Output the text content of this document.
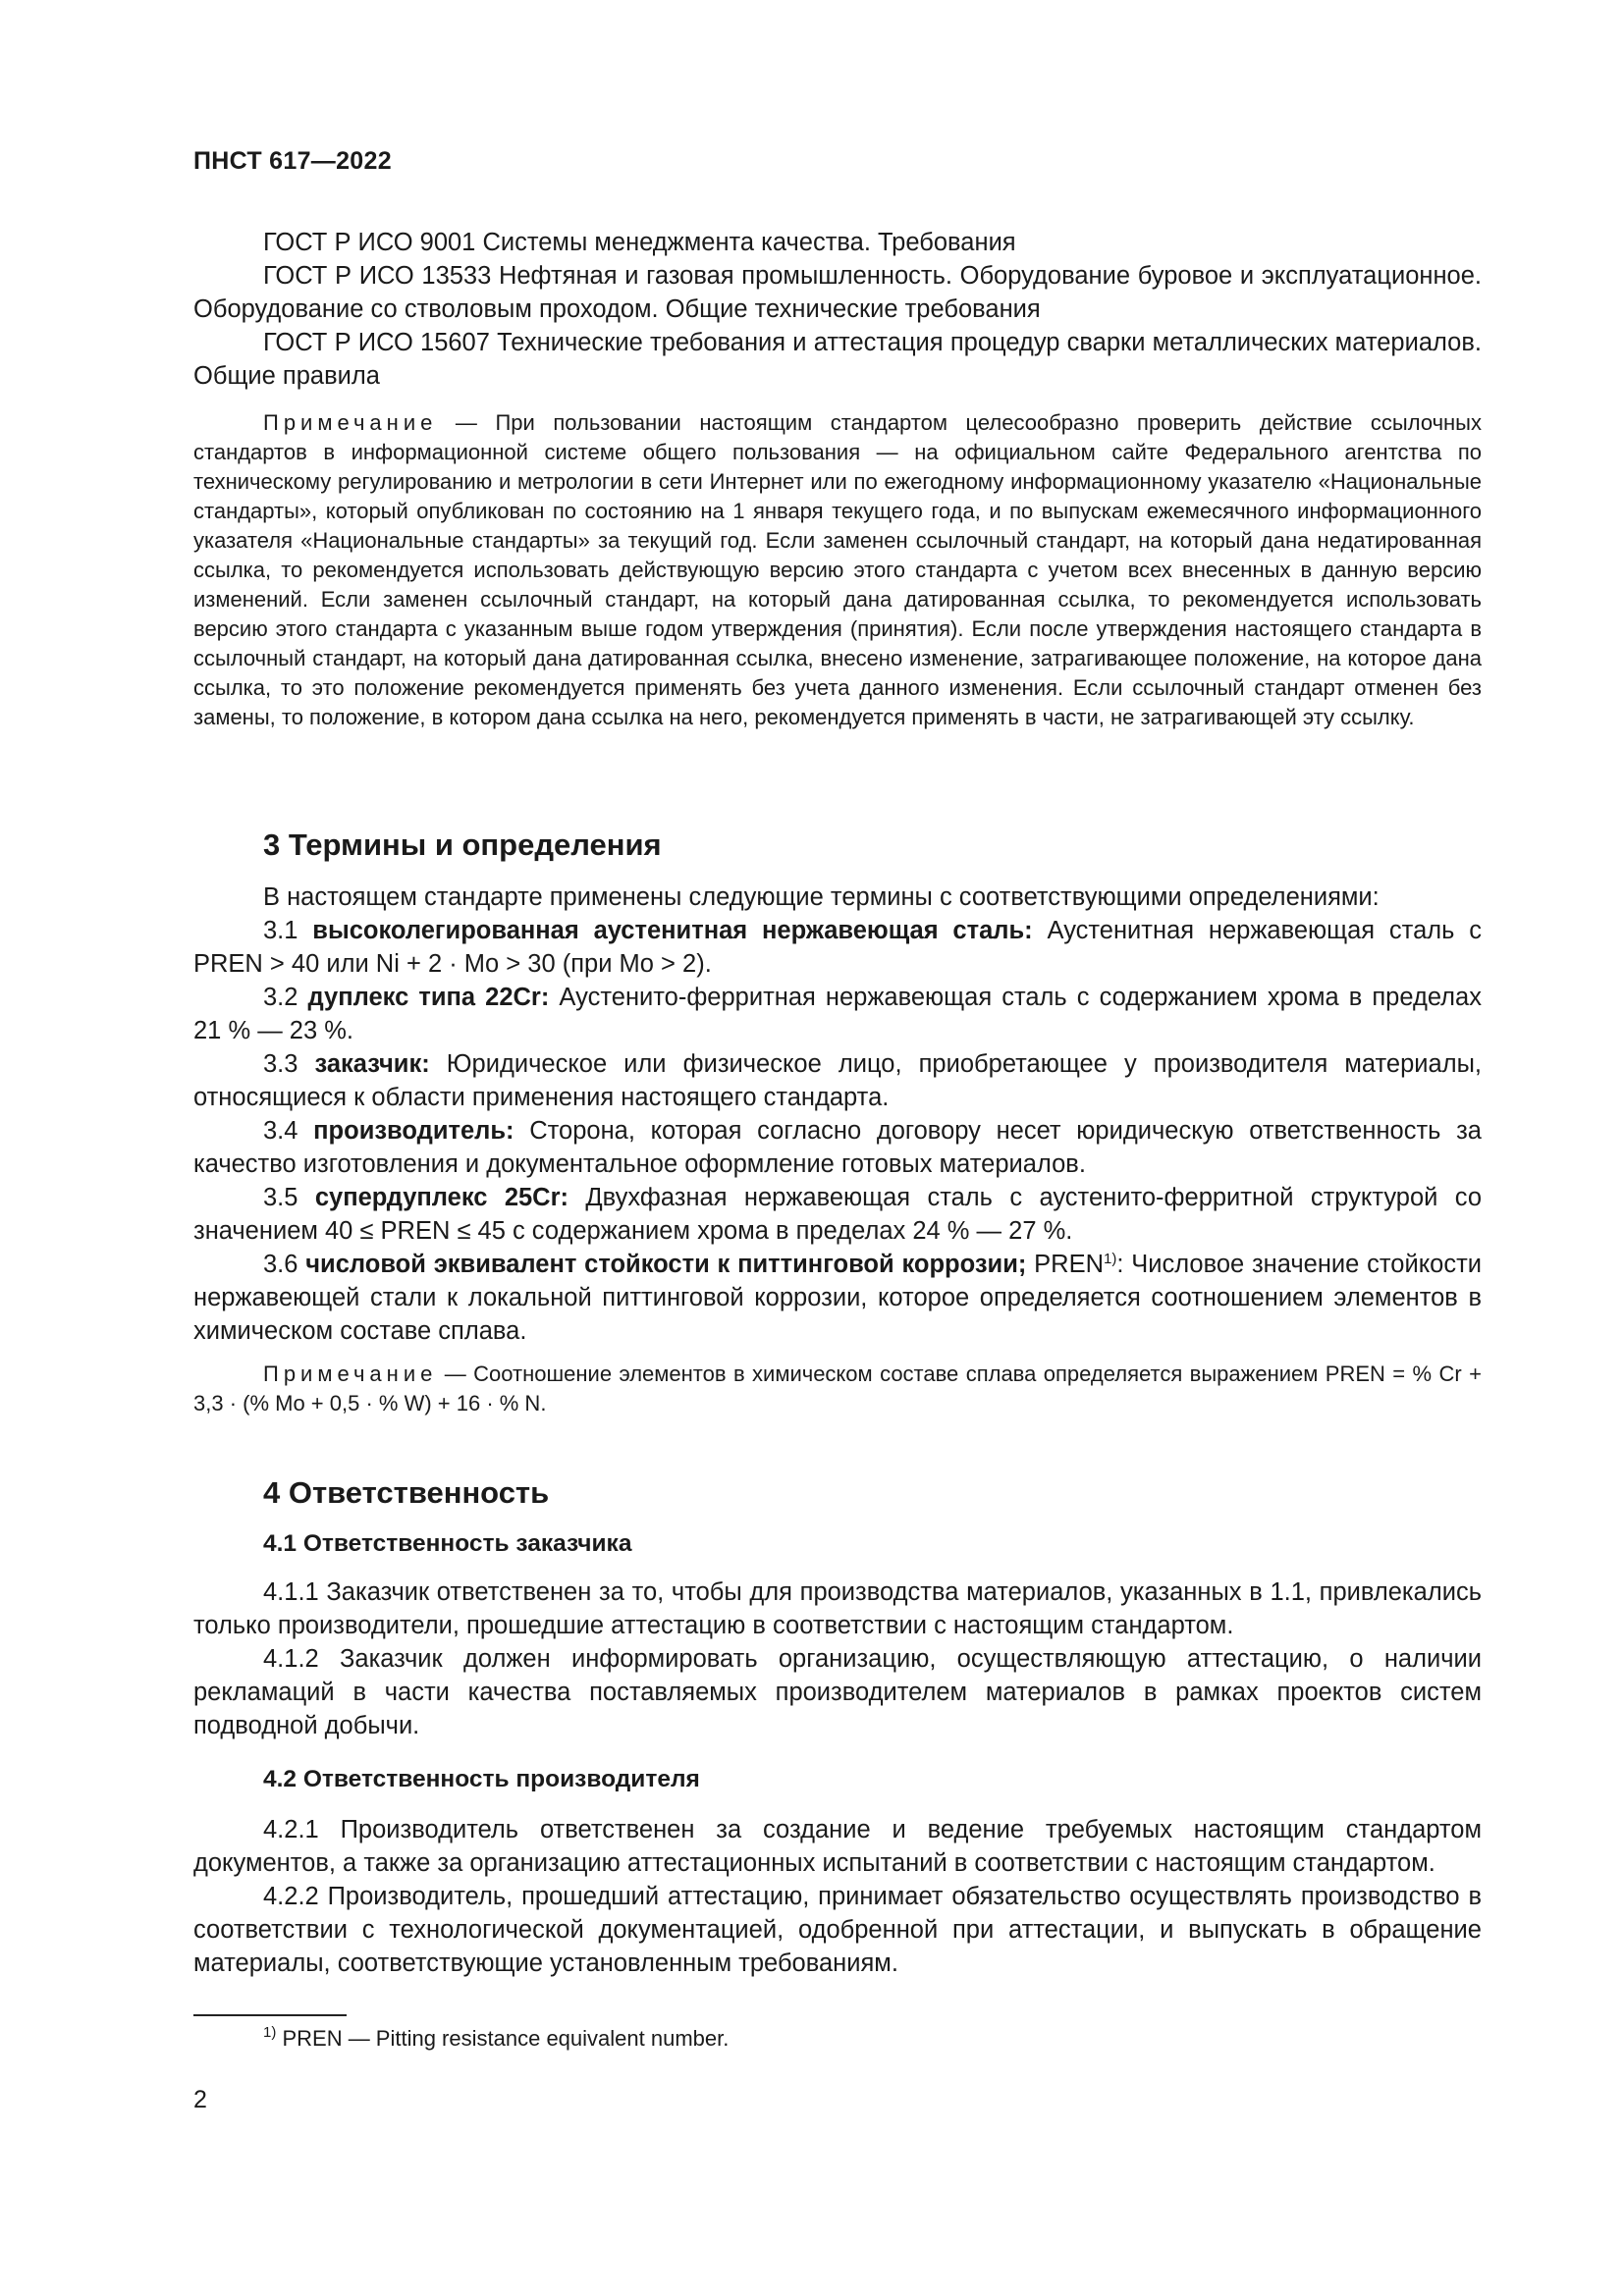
ПНСТ 617—2022

ГОСТ Р ИСО 9001 Системы менеджмента качества. Требования

ГОСТ Р ИСО 13533 Нефтяная и газовая промышленность. Оборудование буровое и эксплуатационное. Оборудование со стволовым проходом. Общие технические требования

ГОСТ Р ИСО 15607 Технические требования и аттестация процедур сварки металлических материалов. Общие правила

Примечание — При пользовании настоящим стандартом целесообразно проверить действие ссылочных стандартов в информационной системе общего пользования — на официальном сайте Федерального агентства по техническому регулированию и метрологии в сети Интернет или по ежегодному информационному указателю «Национальные стандарты», который опубликован по состоянию на 1 января текущего года, и по выпускам ежемесячного информационного указателя «Национальные стандарты» за текущий год. Если заменен ссылочный стандарт, на который дана недатированная ссылка, то рекомендуется использовать действующую версию этого стандарта с учетом всех внесенных в данную версию изменений. Если заменен ссылочный стандарт, на который дана датированная ссылка, то рекомендуется использовать версию этого стандарта с указанным выше годом утверждения (принятия). Если после утверждения настоящего стандарта в ссылочный стандарт, на который дана датированная ссылка, внесено изменение, затрагивающее положение, на которое дана ссылка, то это положение рекомендуется применять без учета данного изменения. Если ссылочный стандарт отменен без замены, то положение, в котором дана ссылка на него, рекомендуется применять в части, не затрагивающей эту ссылку.

3 Термины и определения

В настоящем стандарте применены следующие термины с соответствующими определениями:

3.1 высоколегированная аустенитная нержавеющая сталь: Аустенитная нержавеющая сталь с PREN > 40 или Ni + 2 · Mo > 30 (при Mo > 2).

3.2 дуплекс типа 22Cr: Аустенито-ферритная нержавеющая сталь с содержанием хрома в пределах 21 % — 23 %.

3.3 заказчик: Юридическое или физическое лицо, приобретающее у производителя материалы, относящиеся к области применения настоящего стандарта.

3.4 производитель: Сторона, которая согласно договору несет юридическую ответственность за качество изготовления и документальное оформление готовых материалов.

3.5 супердуплекс 25Cr: Двухфазная нержавеющая сталь с аустенито-ферритной структурой со значением 40 ≤ PREN ≤ 45 с содержанием хрома в пределах 24 % — 27 %.

3.6 числовой эквивалент стойкости к питтинговой коррозии; PREN$^{1)}$: Числовое значение стойкости нержавеющей стали к локальной питтинговой коррозии, которое определяется соотношением элементов в химическом составе сплава.

Примечание — Соотношение элементов в химическом составе сплава определяется выражением PREN = % Cr + 3,3 · (% Mo + 0,5 · % W) + 16 · % N.

4 Ответственность
4.1 Ответственность заказчика

4.1.1 Заказчик ответственен за то, чтобы для производства материалов, указанных в 1.1, привлекались только производители, прошедшие аттестацию в соответствии с настоящим стандартом.

4.1.2 Заказчик должен информировать организацию, осуществляющую аттестацию, о наличии рекламаций в части качества поставляемых производителем материалов в рамках проектов систем подводной добычи.

4.2 Ответственность производителя

4.2.1 Производитель ответственен за создание и ведение требуемых настоящим стандартом документов, а также за организацию аттестационных испытаний в соответствии с настоящим стандартом.

4.2.2 Производитель, прошедший аттестацию, принимает обязательство осуществлять производство в соответствии с технологической документацией, одобренной при аттестации, и выпускать в обращение материалы, соответствующие установленным требованиям.

$^{1)}$ PREN — Pitting resistance equivalent number.
2
